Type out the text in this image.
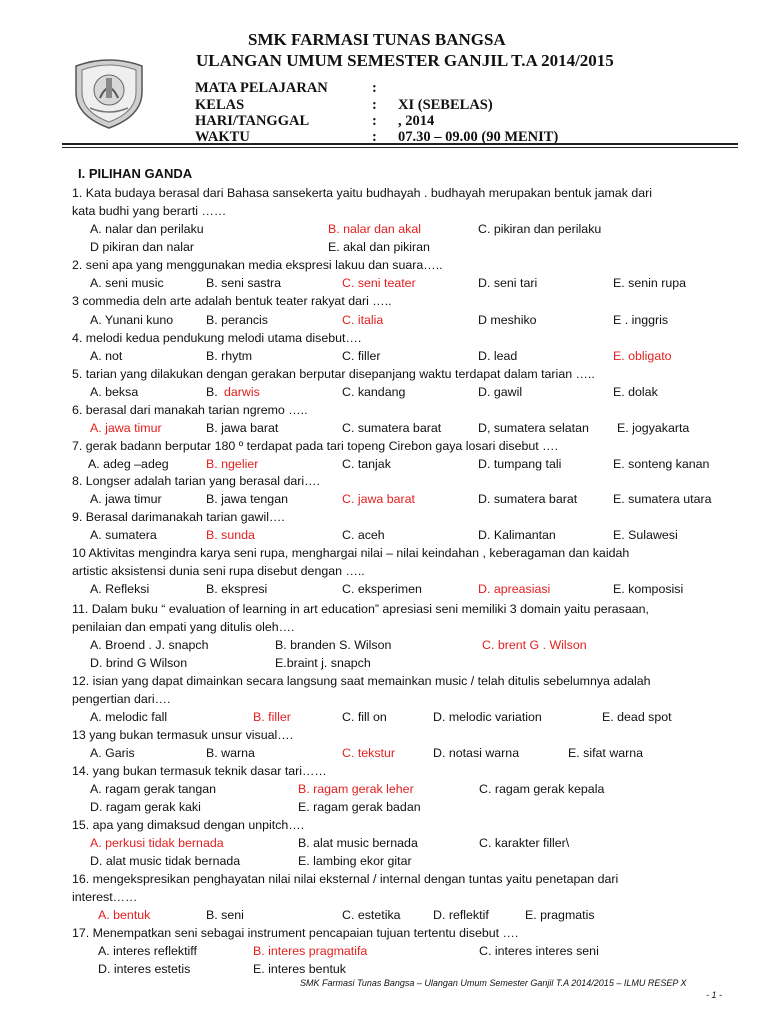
SMK FARMASI TUNAS BANGSA
ULANGAN UMUM SEMESTER GANJIL T.A 2014/2015
MATA PELAJARAN	:
KELAS	: XI (SEBELAS)
HARI/TANGGAL	: , 2014
WAKTU	: 07.30 – 09.00 (90 MENIT)
I. PILIHAN GANDA
1. Kata budaya berasal dari Bahasa sansekerta yaitu budhayah . budhayah merupakan bentuk jamak dari
kata budhi yang berarti ……
A. nalar dan perilaku	B. nalar dan akal	C. pikiran dan perilaku
D pikiran dan nalar	E. akal dan pikiran
2. seni apa yang menggunakan media ekspresi lakuu dan suara…..
A. seni music	B. seni sastra	C. seni teater	D. seni tari	E. senin rupa
3 commedia deln arte adalah bentuk teater rakyat dari …..
A. Yunani kuno	B. perancis	C. italia	D meshiko	E . inggris
4. melodi kedua pendukung melodi utama disebut….
A. not	B. rhytm	C. filler	D. lead	E. obligato
5. tarian yang dilakukan dengan gerakan berputar disepanjang waktu terdapat dalam tarian …..
A. beksa	B. darwis	C. kandang	D. gawil	E. dolak
6. berasal dari manakah tarian ngremo …..
A. jawa timur	B. jawa barat	C. sumatera barat	D, sumatera selatan E. jogyakarta
7. gerak badann berputar 180 º terdapat pada tari topeng Cirebon gaya losari disebut ….
A. adeg –adeg	B. ngelier	C. tanjak	D. tumpang tali	E. sonteng kanan
8. Longser adalah tarian yang berasal dari….
A. jawa timur	B. jawa tengan	C. jawa barat	D. sumatera barat	E. sumatera utara
9. Berasal darimanakah tarian gawil….
A. sumatera	B. sunda	C. aceh	D. Kalimantan	E. Sulawesi
10 Aktivitas mengindra karya seni rupa, menghargai nilai – nilai keindahan , keberagaman dan kaidah
artistic aksistensi dunia seni rupa disebut dengan …..
A. Refleksi	B. ekspresi	C. eksperimen	D. apreasiasi	E. komposisi
11. Dalam buku “ evaluation of learning in art education” apresiasi seni memiliki 3 domain yaitu perasaan,
penilaian dan empati yang ditulis oleh….
A. Broend . J. snapch	B. branden S. Wilson	C. brent G . Wilson
D. brind G Wilson	E.braint j. snapch
12. isian yang dapat dimainkan secara langsung saat memainkan music / telah ditulis sebelumnya adalah
pengertian dari….
A. melodic fall	B. filler	C. fill on	D. melodic variation	E. dead spot
13 yang bukan termasuk unsur visual….
A. Garis	B. warna	C. tekstur	D. notasi warna	E. sifat warna
14. yang bukan termasuk teknik dasar tari……
A. ragam gerak tangan	B. ragam gerak leher	C. ragam gerak kepala
D. ragam gerak kaki	E. ragam gerak badan
15. apa yang dimaksud dengan unpitch….
A. perkusi tidak bernada	B. alat music bernada	C. karakter filler\
D. alat music tidak bernada	E. lambing ekor gitar
16. mengekspresikan penghayatan nilai nilai eksternal / internal dengan tuntas yaitu penetapan dari
interest……
A. bentuk	B. seni	C. estetika	D. reflektif	E. pragmatis
17. Menempatkan seni sebagai instrument pencapaian tujuan tertentu disebut ….
A. interes reflektiff	B. interes pragmatifa	C. interes interes seni
D. interes estetis	E. interes bentuk
SMK Farmasi Tunas Bangsa – Ulangan Umum Semester Ganjil T.A 2014/2015 – ILMU RESEP X
- 1 -
